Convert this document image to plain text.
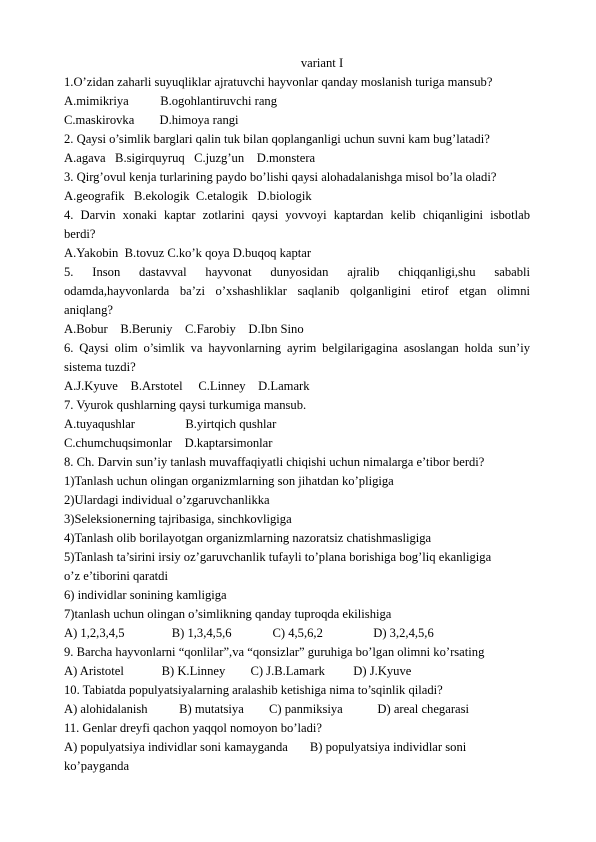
variant I
1.O’zidan zaharli suyuqliklar ajratuvchi hayvonlar qanday moslanish turiga mansub?
A.mimikriya          B.ogohlantiruvchi rang
C.maskirovka        D.himoya rangi
2. Qaysi o’simlik barglari qalin tuk bilan qoplanganligi uchun suvni kam bug’latadi?
A.agava   B.sigirquyruq   C.juzg’un    D.monstera
3. Qirg’ovul kenja turlarining paydo bo’lishi qaysi alohadalanishga misol bo’la oladi?
A.geografik   B.ekologik  C.etalogik   D.biologik
4. Darvin xonaki kaptar zotlarini qaysi yovvoyi kaptardan kelib chiqanligini isbotlab
berdi?
A.Yakobin  B.tovuz C.ko’k qoya D.buqoq kaptar
5. Inson dastavval hayvonat dunyosidan ajralib chiqqanligi,shu sababli
odamda,hayvonlarda ba’zi o’xshashliklar saqlanib qolganligini etirof etgan olimni
aniqlang?
A.Bobur    B.Beruniy    C.Farobiy    D.Ibn Sino
6. Qaysi olim o’simlik va hayvonlarning ayrim belgilarigagina asoslangan holda sun’iy
sistema tuzdi?
A.J.Kyuve    B.Arstotel     C.Linney    D.Lamark
7. Vyurok qushlarning qaysi turkumiga mansub.
A.tuyaqushlar                B.yirtqich qushlar
C.chumchuqsimonlar    D.kaptarsimonlar
8. Ch. Darvin sun’iy tanlash muvaffaqiyatli chiqishi uchun nimalarga e’tibor berdi?
1)Tanlash uchun olingan organizmlarning son jihatdan ko’pligiga
2)Ulardagi individual o’zgaruvchanlikka
3)Seleksionerning tajribasiga, sinchkovligiga
4)Tanlash olib borilayotgan organizmlarning nazoratsiz chatishmasligiga
5)Tanlash ta’sirini irsiy oz’garuvchanlik tufayli to’plana borishiga bog’liq ekanligiga
o’z e’tiborini qaratdi
6) individlar sonining kamligiga
7)tanlash uchun olingan o’simlikning qanday tuproqda ekilishiga
A) 1,2,3,4,5               B) 1,3,4,5,6             C) 4,5,6,2                D) 3,2,4,5,6
9. Barcha hayvonlarni “qonlilar”,va “qonsizlar” guruhiga bo’lgan olimni ko’rsating
A) Aristotel            B) K.Linney        C) J.B.Lamark         D) J.Kyuve
10. Tabiatda populyatsiyalarning aralashib ketishiga nima to’sqinlik qiladi?
A) alohidalanish          B) mutatsiya        C) panmiksiya           D) areal chegarasi
11. Genlar dreyfi qachon yaqqol nomoyon bo’ladi?
A) populyatsiya individlar soni kamayganda       B) populyatsiya individlar soni
ko’payganda
